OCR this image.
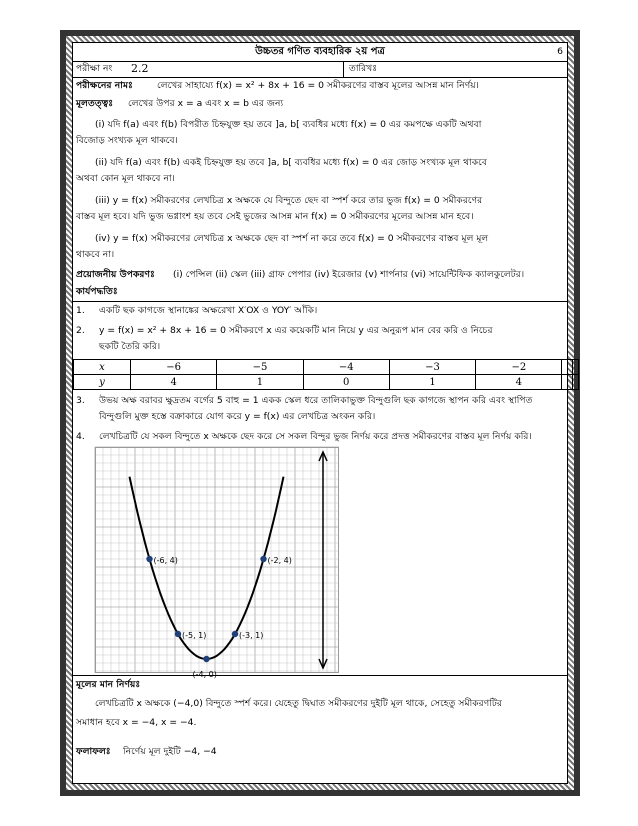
উচ্চতর গণিত ব্যবহারিক ২য় পত্র	6
পরীক্ষা নং 2.2	তারিখঃ
পরীক্ষনের নামঃ	লেখের সাহায্যে f(x) = x² + 8x + 16 = 0 সমীকরণের বাস্তব মূলের আসন্ন মান নির্ণয়।
মূলতত্ত্বঃ লেখের উপর x = a এবং x = b এর জন্য
(i) যদি f(a) এবং f(b) বিপরীত চিহ্নযুক্ত হয় তবে ]a, b[ ব্যবধির মধ্যে f(x) = 0 এর কমপক্ষে একটি অথবা
বিজোড় সংখ্যক মূল থাকবে।
(ii) যদি f(a) এবং f(b) একই চিহ্নযুক্ত হয় তবে ]a, b[ ব্যবধির মধ্যে f(x) = 0 এর জোড় সংখ্যক মূল থাকবে
অথবা কোন মূল থাকবে না।
(iii) y = f(x) সমীকরণের লেখচিত্র x অক্ষকে যে বিন্দুতে ছেদ বা স্পর্শ করে তার ভুজ f(x) = 0 সমীকরণের
বাস্তব মূল হবে। যদি ভুজ ভগ্নাংশ হয় তবে সেই ভুজের আসন্ন মান f(x) = 0 সমীকরণের মূলের আসন্ন মান হবে।
(iv) y = f(x) সমীকরণের লেখচিত্র x অক্ষকে ছেদ বা স্পর্শ না করে তবে f(x) = 0 সমীকরণের বাস্তব মূল মূল
থাকবে না।
প্রয়োজনীয় উপকরণঃ (i) পেন্সিল (ii) স্কেল (iii) গ্রাফ পেপার (iv) ইরেজার (v) শার্পনার (vi) সায়েন্টিফিক ক্যালকুলেটর।
কার্যপদ্ধতিঃ
1. একটি ছক কাগজে স্থানাঙ্কের অক্ষরেখা X′OX ও YOY′ আঁকি।
2. y = f(x) = x² + 8x + 16 = 0 সমীকরণে x এর কয়েকটি মান নিয়ে y এর অনুরূপ মান বের করি ও নিচের
ছকটি তৈরি করি।
x	−6	−5	−4	−3	−2			
y	4	1	0	1	4			
3. উভয় অক্ষ বরাবর ক্ষুদ্রতম বর্গের 5 বাহু = 1 একক স্কেল ধরে তালিকাভুক্ত বিন্দুগুলি ছক কাগজে স্থাপন করি এবং স্থাপিত
বিন্দুগুলি মুক্ত হস্তে বক্রাকারে যোগ করে y = f(x) এর লেখচিত্র অংকন করি।
4. লেখচিত্রটি যে সকল বিন্দুতে x অক্ষকে ছেদ করে সে সকল বিন্দুর ভুজ নির্ণয় করে প্রদত্ত সমীকরণের বাস্তব মূল নির্ণয় করি।
(-6, 4)
(-5, 1)
(-4, 0)
(-3, 1)
(-2, 4)
মূলের মান নির্ণয়ঃ
লেখচিত্রটি x অক্ষকে (−4,0) বিন্দুতে স্পর্শ করে। যেহেতু দ্বিঘাত সমীকরণের দুইটি মূল থাকে, সেহেতু সমীকরণটির
সমাধান হবে x = −4, x = −4.
ফলাফলঃ নির্ণেয় মূল দুইটি −4, −4
